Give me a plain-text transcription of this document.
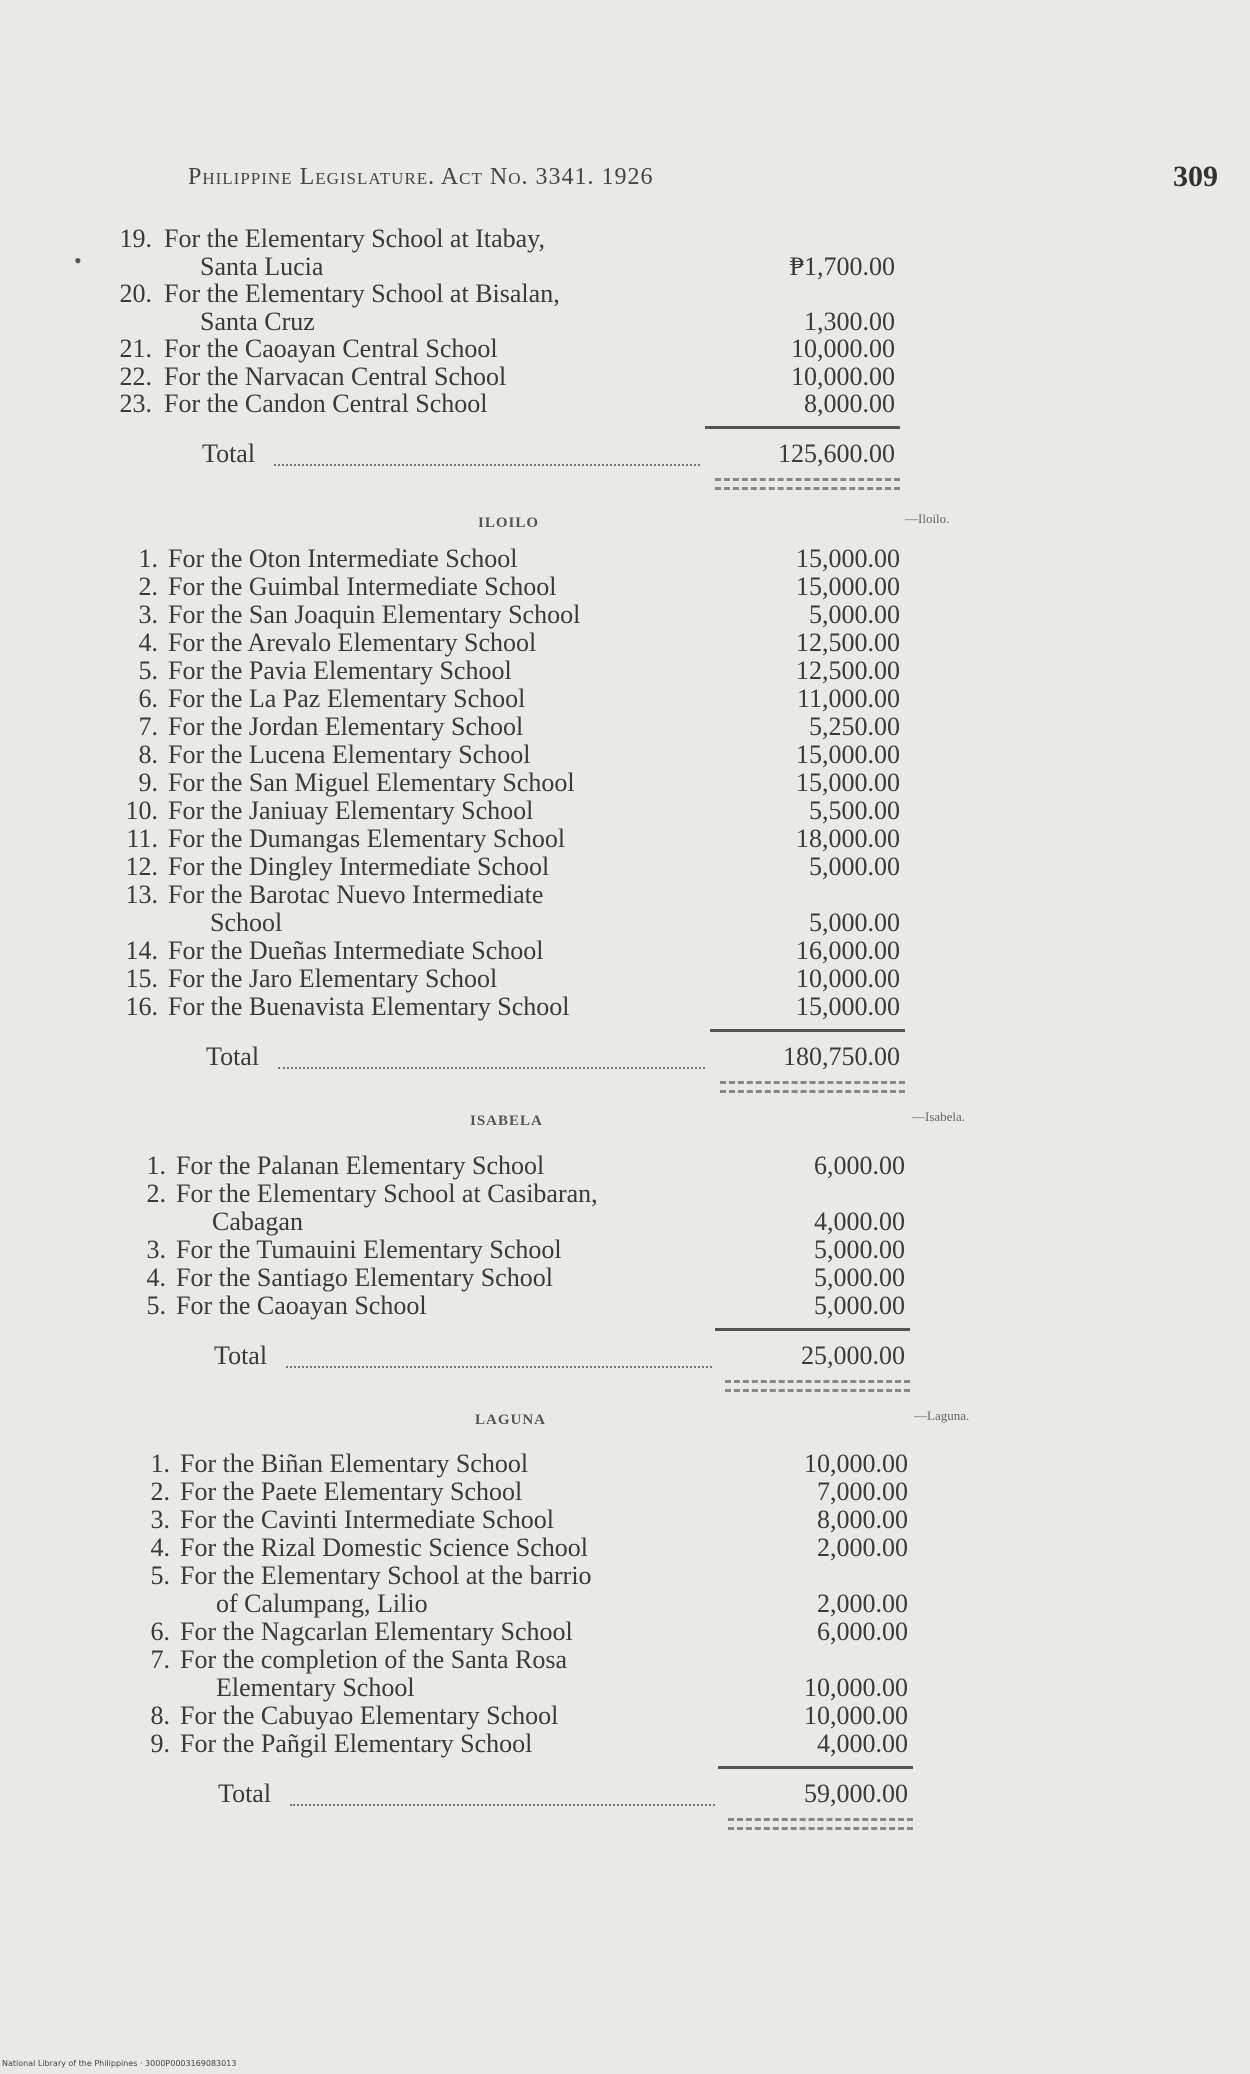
Philippine Legislature. Act No. 3341. 1926	309
•
19. For the Elementary School at Itabay,
Santa Lucia	₱1,700.00
20. For the Elementary School at Bisalan,
Santa Cruz	1,300.00
21. For the Caoayan Central School	10,000.00
22. For the Narvacan Central School	10,000.00
23. For the Candon Central School	8,000.00
Total	125,600.00
ILOILO	—Iloilo.
1. For the Oton Intermediate School	15,000.00
2. For the Guimbal Intermediate School	15,000.00
3. For the San Joaquin Elementary School	5,000.00
4. For the Arevalo Elementary School	12,500.00
5. For the Pavia Elementary School	12,500.00
6. For the La Paz Elementary School	11,000.00
7. For the Jordan Elementary School	5,250.00
8. For the Lucena Elementary School	15,000.00
9. For the San Miguel Elementary School	15,000.00
10. For the Janiuay Elementary School	5,500.00
11. For the Dumangas Elementary School	18,000.00
12. For the Dingley Intermediate School	5,000.00
13. For the Barotac Nuevo Intermediate
School	5,000.00
14. For the Dueñas Intermediate School	16,000.00
15. For the Jaro Elementary School	10,000.00
16. For the Buenavista Elementary School	15,000.00
Total	180,750.00
ISABELA	—Isabela.
1. For the Palanan Elementary School	6,000.00
2. For the Elementary School at Casibaran,
Cabagan	4,000.00
3. For the Tumauini Elementary School	5,000.00
4. For the Santiago Elementary School	5,000.00
5. For the Caoayan School	5,000.00
Total	25,000.00
LAGUNA	—Laguna.
1. For the Biñan Elementary School	10,000.00
2. For the Paete Elementary School	7,000.00
3. For the Cavinti Intermediate School	8,000.00
4. For the Rizal Domestic Science School	2,000.00
5. For the Elementary School at the barrio
of Calumpang, Lilio	2,000.00
6. For the Nagcarlan Elementary School	6,000.00
7. For the completion of the Santa Rosa
Elementary School	10,000.00
8. For the Cabuyao Elementary School	10,000.00
9. For the Pañgil Elementary School	4,000.00
Total	59,000.00
National Library of the Philippines · 3000P0003169083013
